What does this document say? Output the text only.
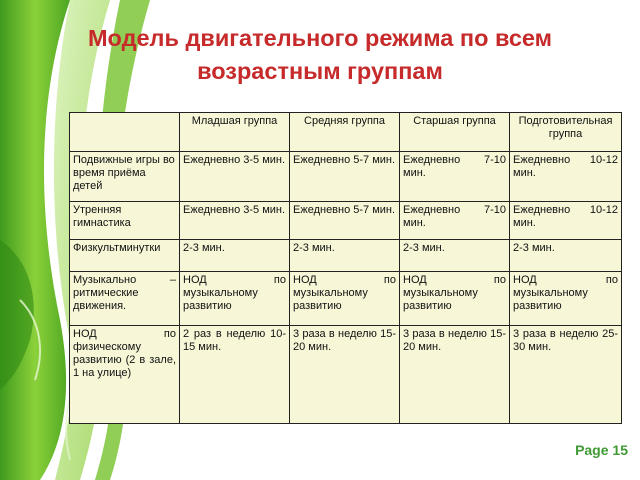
Модель двигательного режима по всем
возрастным группам
	Младшая группа	Средняя группа	Старшая группа	Подготовительная группа
Подвижные игры во время приёма детей	Ежедневно 3-5 мин.	Ежедневно 5-7 мин.	Ежедневно 7-10 мин.	Ежедневно 10-12 мин.
Утренняя гимнастика	Ежедневно 3-5 мин.	Ежедневно 5-7 мин.	Ежедневно 7-10 мин.	Ежедневно 10-12 мин.
Физкультминутки	2-3 мин.	2-3 мин.	2-3 мин.	2-3 мин.
Музыкально – ритмические движения.	НОД по музыкальному развитию	НОД по музыкальному развитию	НОД по музыкальному развитию	НОД по музыкальному развитию
НОД по физическому развитию (2 в зале, 1 на улице)	2 раз в неделю 10-15 мин.	3 раза в неделю 15-20 мин.	3 раза в неделю 15-20 мин.	3 раза в неделю 25-30 мин.
Page 15
